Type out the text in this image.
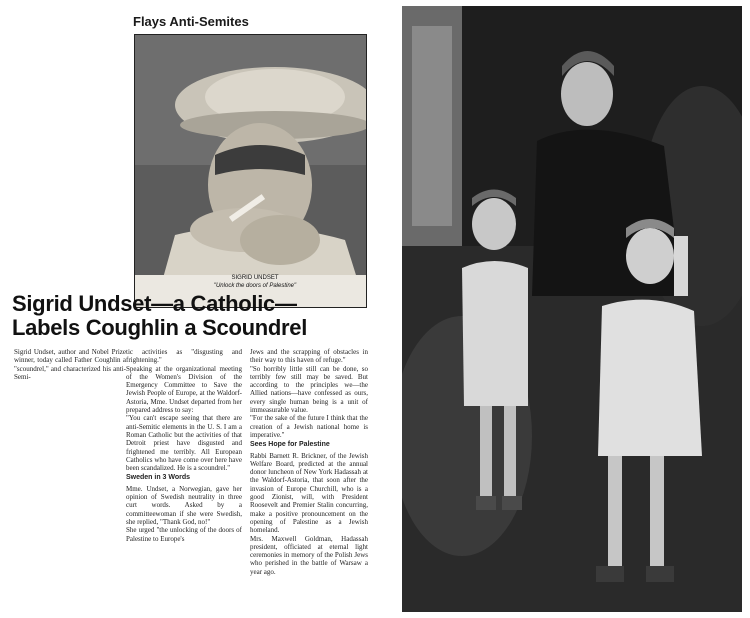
Flays Anti-Semites
SIGRID UNDSET
"Unlock the doors of Palestine"
Sigrid Undset—a Catholic—
Labels Coughlin a Scoundrel
Sigrid Undset, author and Nobel Prize winner, today called Father Coughlin a "scoundrel," and characterized his anti-Semi-
tic activities as "disgusting and frightening."
Speaking at the organizational meeting of the Women's Division of the Emergency Committee to Save the Jewish People of Europe, at the Waldorf-Astoria, Mme. Undset departed from her prepared address to say:
"You can't escape seeing that there are anti-Semitic elements in the U. S. I am a Roman Catholic but the activities of that Detroit priest have disgusted and frightened me terribly. All European Catholics who have come over here have been scandalized. He is a scoundrel."
Sweden in 3 Words
Mme. Undset, a Norwegian, gave her opinion of Swedish neutrality in three curt words. Asked by a committeewoman if she were Swedish, she replied, "Thank God, no!"
She urged "the unlocking of the doors of Palestine to Europe's
Jews and the scrapping of obstacles in their way to this haven of refuge."
"So horribly little still can be done, so terribly few still may be saved. But according to the principles we—the Allied nations—have confessed as ours, every single human being is a unit of immeasurable value.
"For the sake of the future I think that the creation of a Jewish national home is imperative."
Sees Hope for Palestine
Rabbi Barnett R. Brickner, of the Jewish Welfare Board, predicted at the annual donor luncheon of New York Hadassah at the Waldorf-Astoria, that soon after the invasion of Europe Churchill, who is a good Zionist, will, with President Roosevelt and Premier Stalin concurring, make a positive pronouncement on the opening of Palestine as a Jewish homeland.
Mrs. Maxwell Goldman, Hadassah president, officiated at eternal light ceremonies in memory of the Polish Jews who perished in the battle of Warsaw a year ago.
